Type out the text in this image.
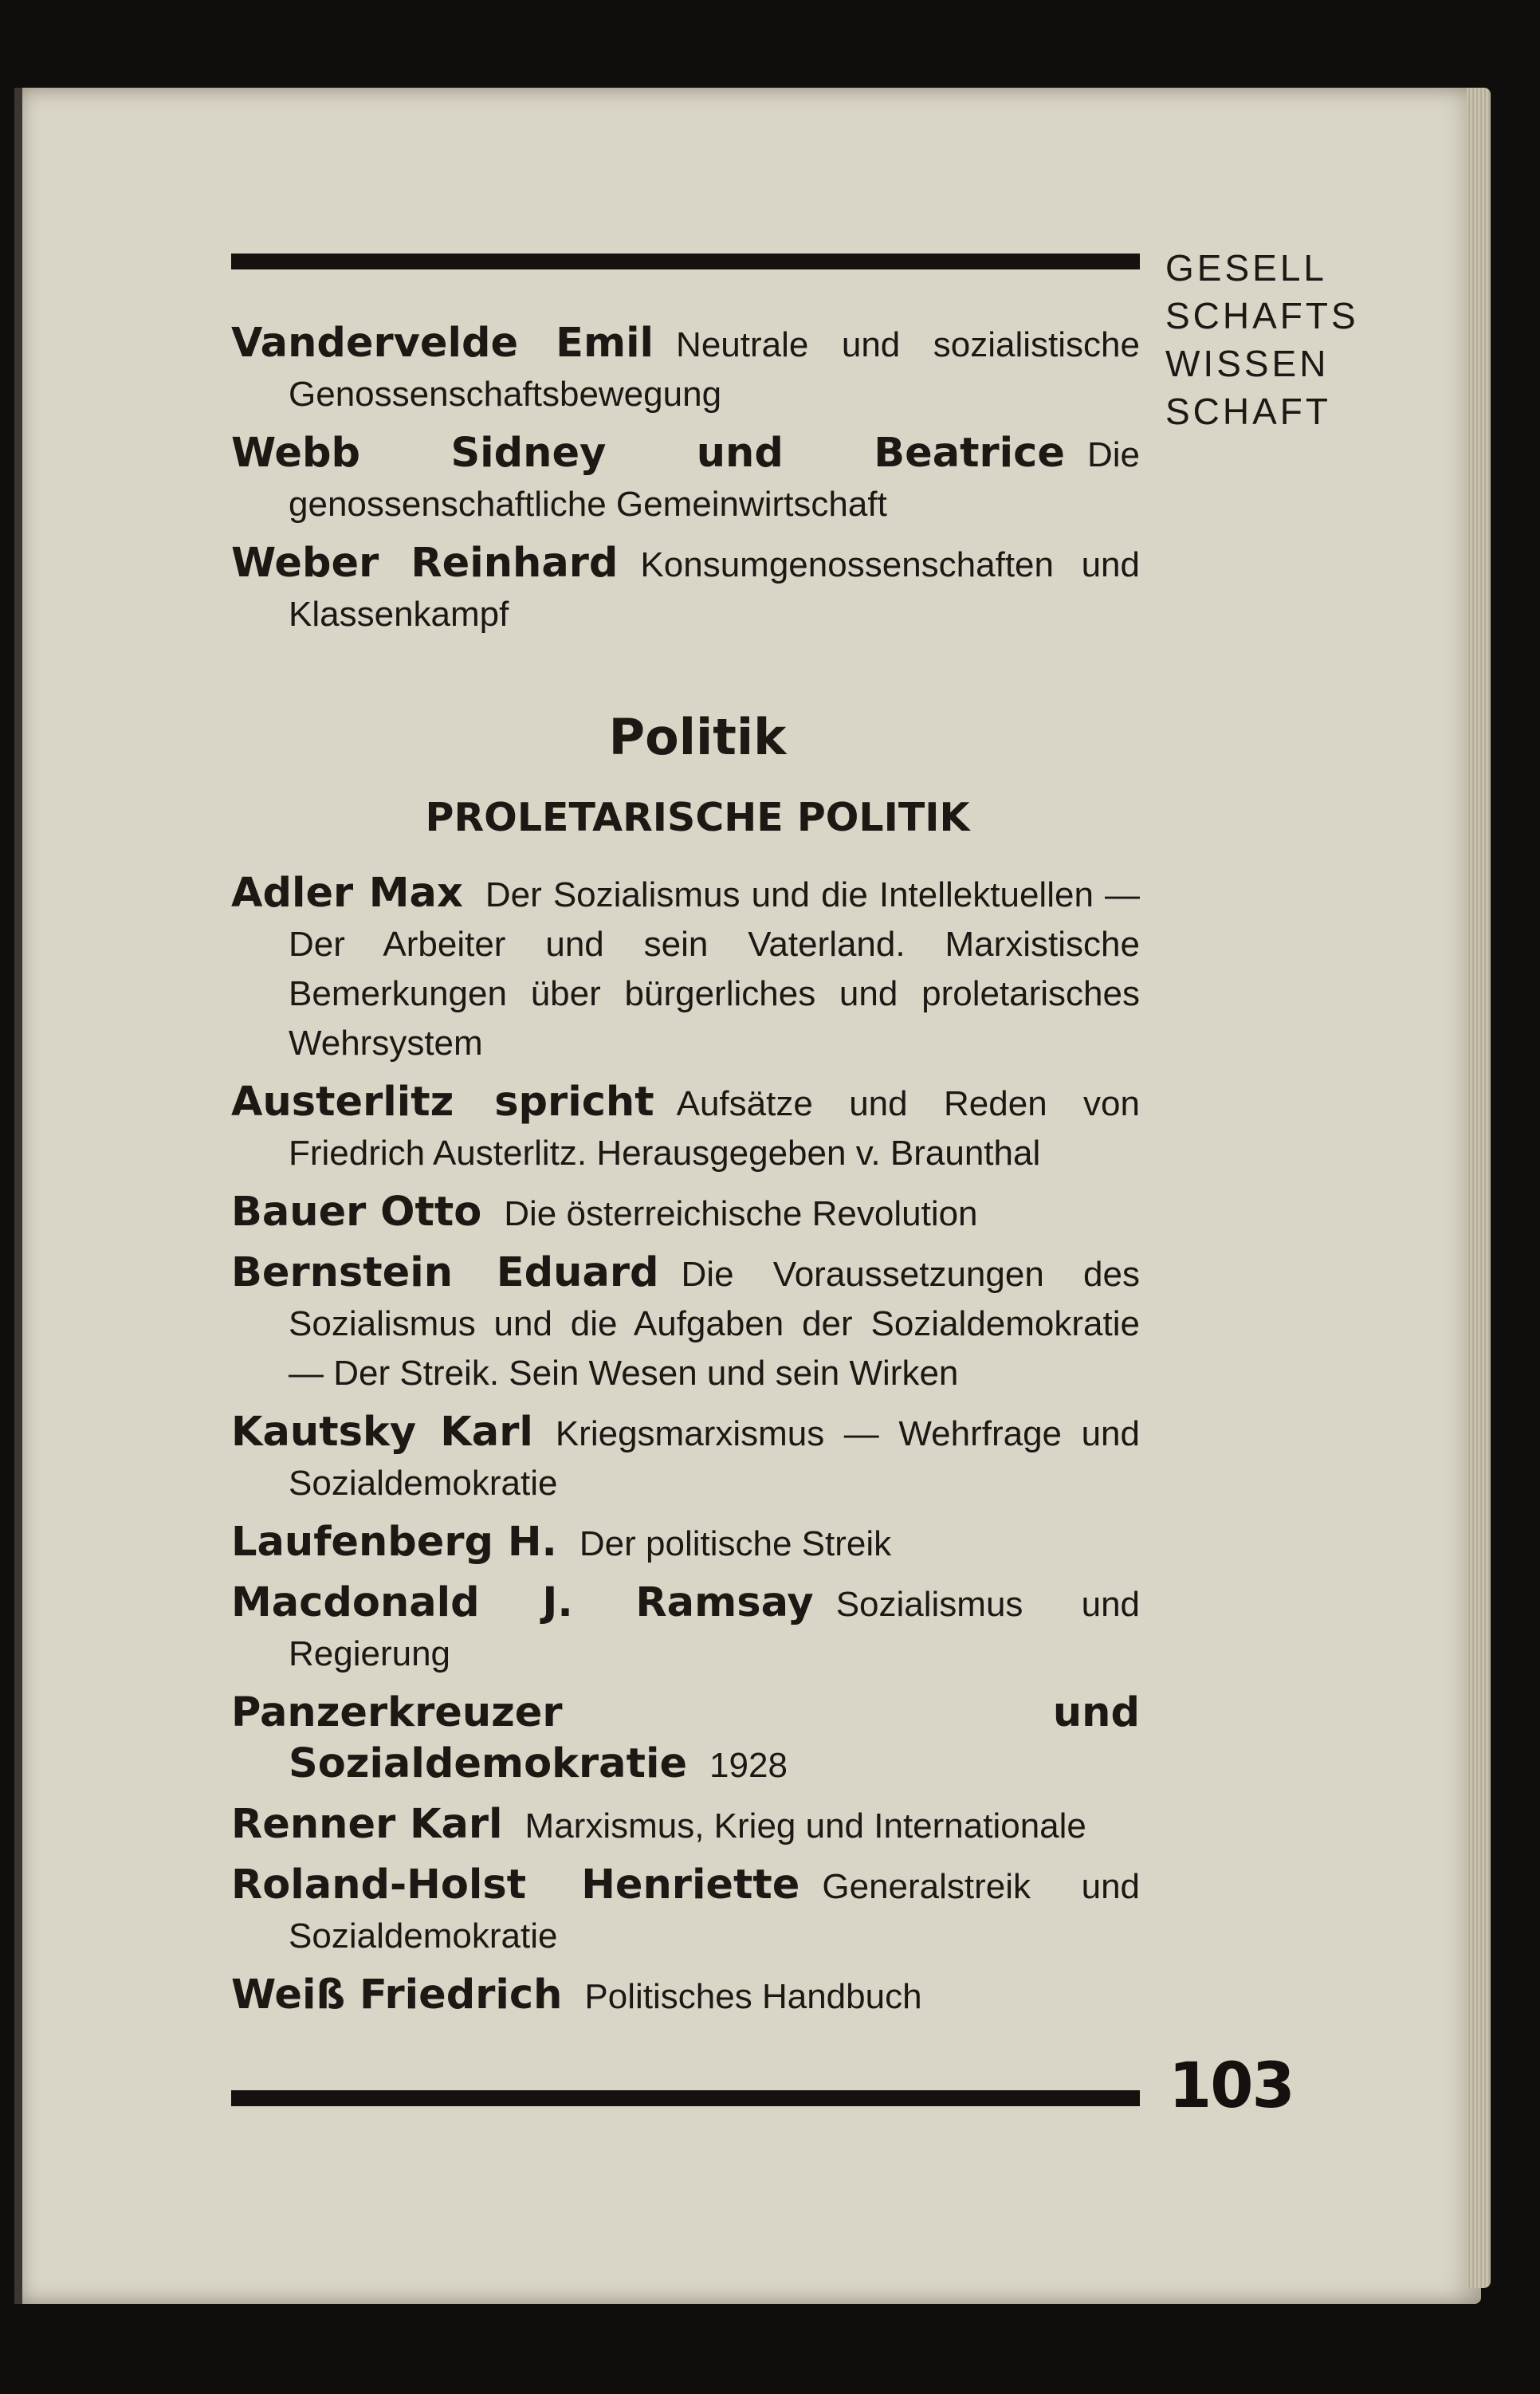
GESELL
SCHAFTS
WISSEN
SCHAFT
Vandervelde Emil Neutrale und sozialistische Genossenschaftsbewegung
Webb Sidney und Beatrice Die genossenschaftliche Gemeinwirtschaft
Weber Reinhard Konsumgenossenschaften und Klassenkampf
Politik
PROLETARISCHE POLITIK
Adler Max Der Sozialismus und die Intellektuellen — Der Arbeiter und sein Vaterland. Marxistische Bemerkungen über bürgerliches und proletarisches Wehrsystem
Austerlitz spricht Aufsätze und Reden von Friedrich Austerlitz. Herausgegeben v. Braunthal
Bauer Otto Die österreichische Revolution
Bernstein Eduard Die Voraussetzungen des Sozialismus und die Aufgaben der Sozialdemokratie — Der Streik. Sein Wesen und sein Wirken
Kautsky Karl Kriegsmarxismus — Wehrfrage und Sozialdemokratie
Laufenberg H. Der politische Streik
Macdonald J. Ramsay Sozialismus und Regierung
Panzerkreuzer und Sozialdemokratie 1928
Renner Karl Marxismus, Krieg und Internationale
Roland-Holst Henriette Generalstreik und Sozialdemokratie
Weiß Friedrich Politisches Handbuch
103
